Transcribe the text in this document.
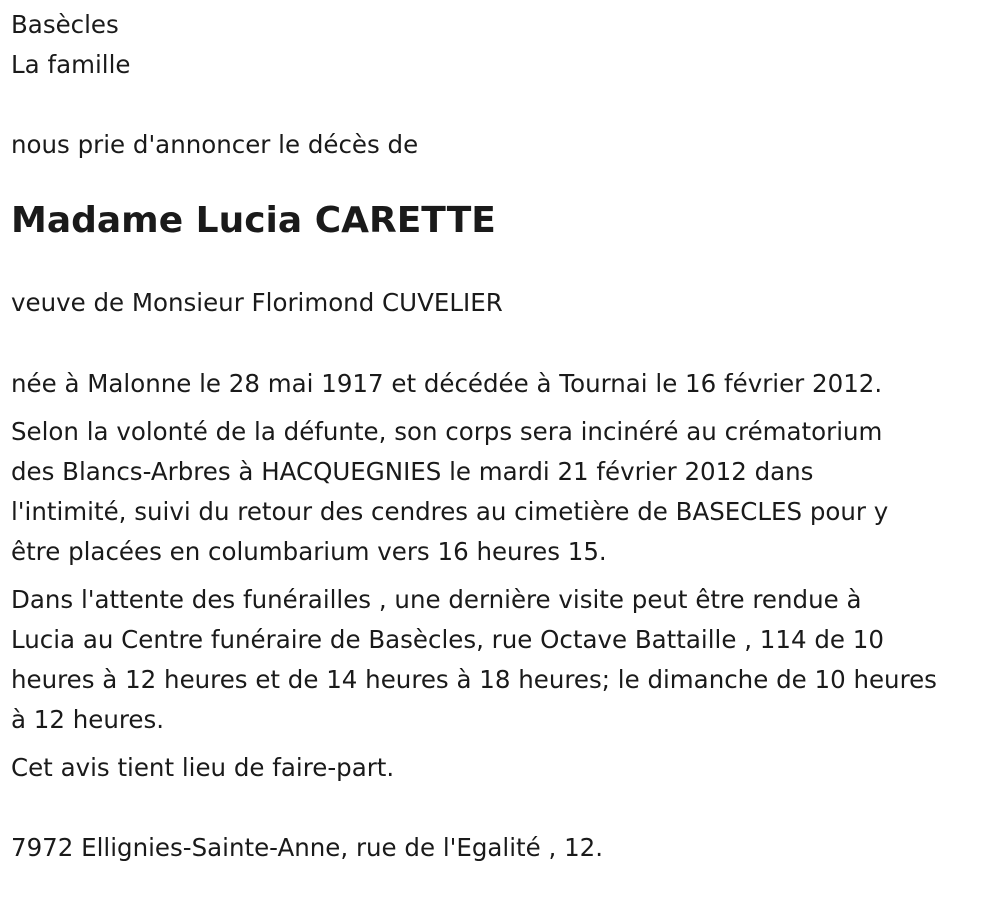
Basècles

La famille

nous prie d'annoncer le décès de

Madame Lucia CARETTE

veuve de Monsieur Florimond CUVELIER

née à Malonne le 28 mai 1917 et décédée à Tournai le 16 février 2012.

Selon la volonté de la défunte, son corps sera incinéré au crématorium

des Blancs-Arbres à HACQUEGNIES le mardi 21 février 2012 dans

l'intimité, suivi du retour des cendres au cimetière de BASECLES pour y

être placées en columbarium vers 16 heures 15.

Dans l'attente des funérailles , une dernière visite peut être rendue à

Lucia au Centre funéraire de Basècles, rue Octave Battaille , 114 de 10

heures à 12 heures et de 14 heures à 18 heures; le dimanche de 10 heures

à 12 heures.

Cet avis tient lieu de faire-part.

7972 Ellignies-Sainte-Anne, rue de l'Egalité , 12.
